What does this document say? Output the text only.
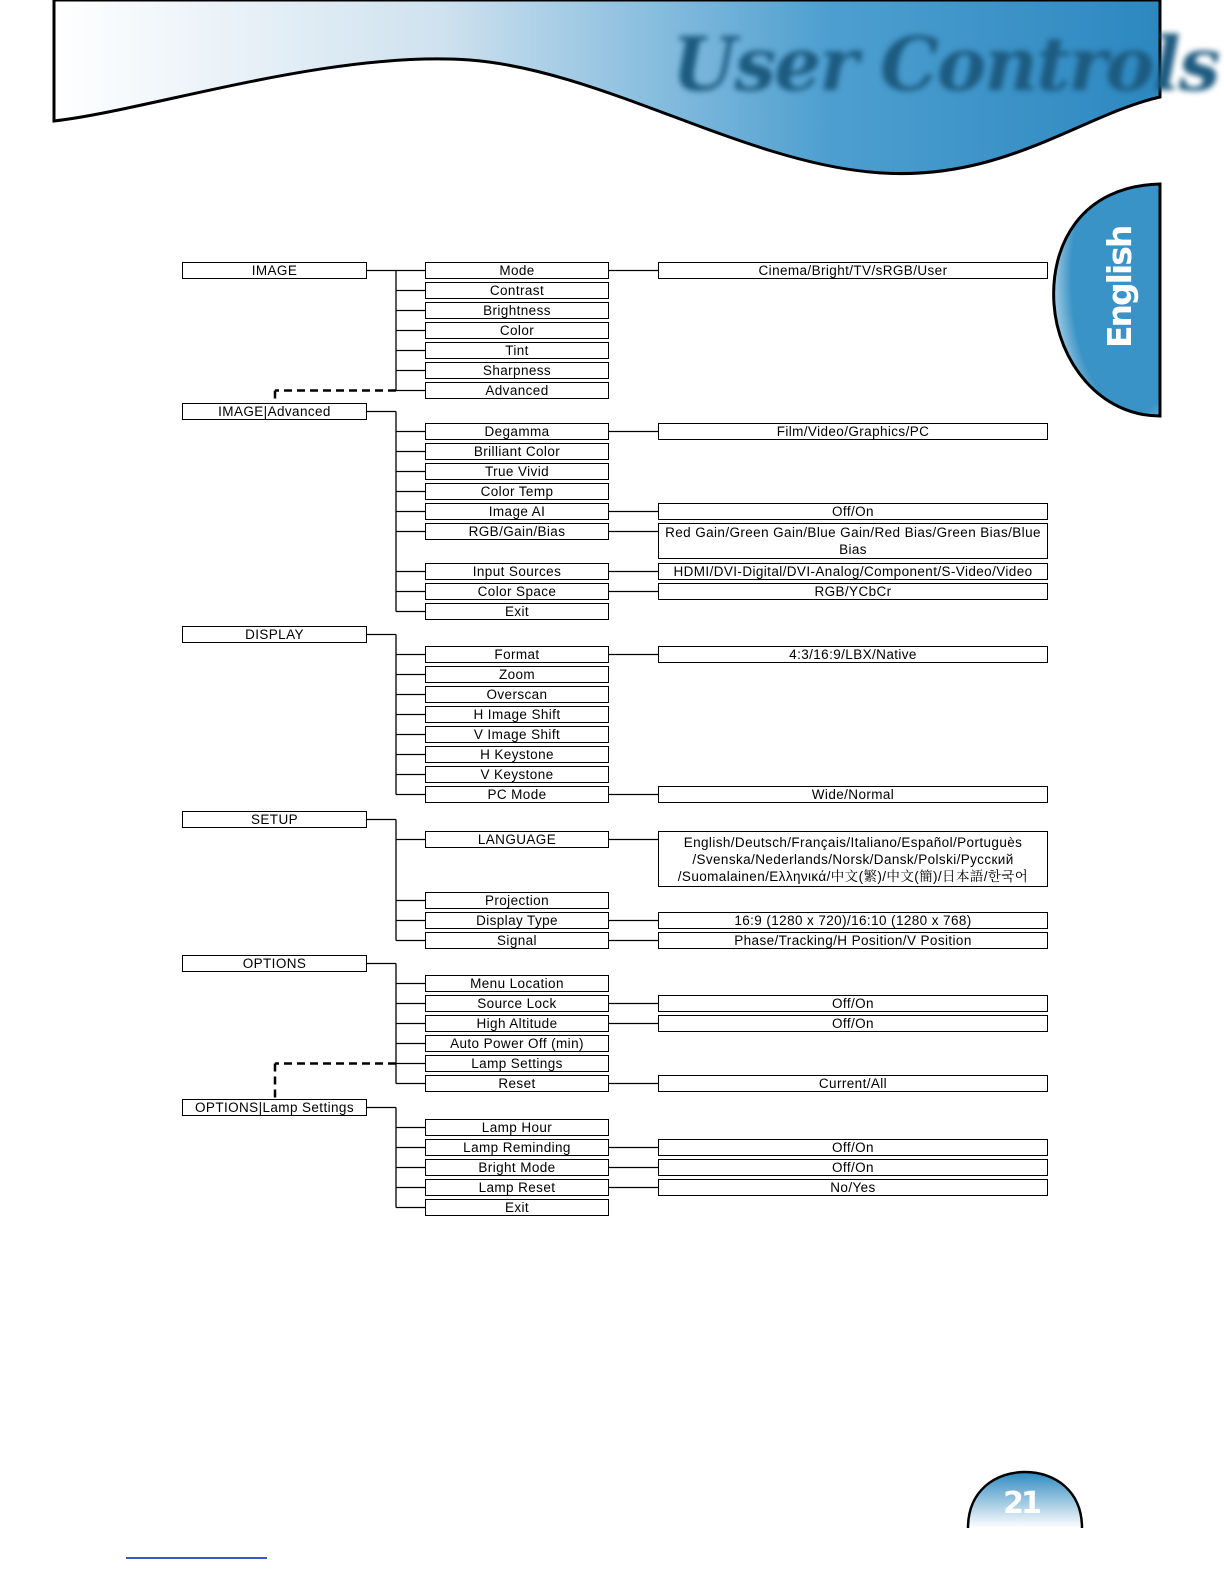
User Controls
English
IMAGE	Mode	Cinema/Bright/TV/sRGB/User
Contrast
Brightness
Color
Tint
Sharpness
Advanced
IMAGE|Advanced
Degamma	Film/Video/Graphics/PC
Brilliant Color
True Vivid
Color Temp
Image AI	Off/On
RGB/Gain/Bias	Red Gain/Green Gain/Blue Gain/Red Bias/Green Bias/Blue Bias
Input Sources	HDMI/DVI-Digital/DVI-Analog/Component/S-Video/Video
Color Space	RGB/YCbCr
Exit
DISPLAY
Format	4:3/16:9/LBX/Native
Zoom
Overscan
H Image Shift
V Image Shift
H Keystone
V Keystone
PC Mode	Wide/Normal
SETUP
LANGUAGE	English/Deutsch/Français/Italiano/Español/Portuguès /Svenska/Nederlands/Norsk/Dansk/Polski/Русский /Suomalainen/Ελληνικά/中文(繁)/中文(簡)/日本語/한국어
Projection
Display Type	16:9 (1280 x 720)/16:10 (1280 x 768)
Signal	Phase/Tracking/H Position/V Position
OPTIONS
Menu Location
Source Lock	Off/On
High Altitude	Off/On
Auto Power Off (min)
Lamp Settings
Reset	Current/All
OPTIONS|Lamp Settings
Lamp Hour
Lamp Reminding	Off/On
Bright Mode	Off/On
Lamp Reset	No/Yes
Exit
21
